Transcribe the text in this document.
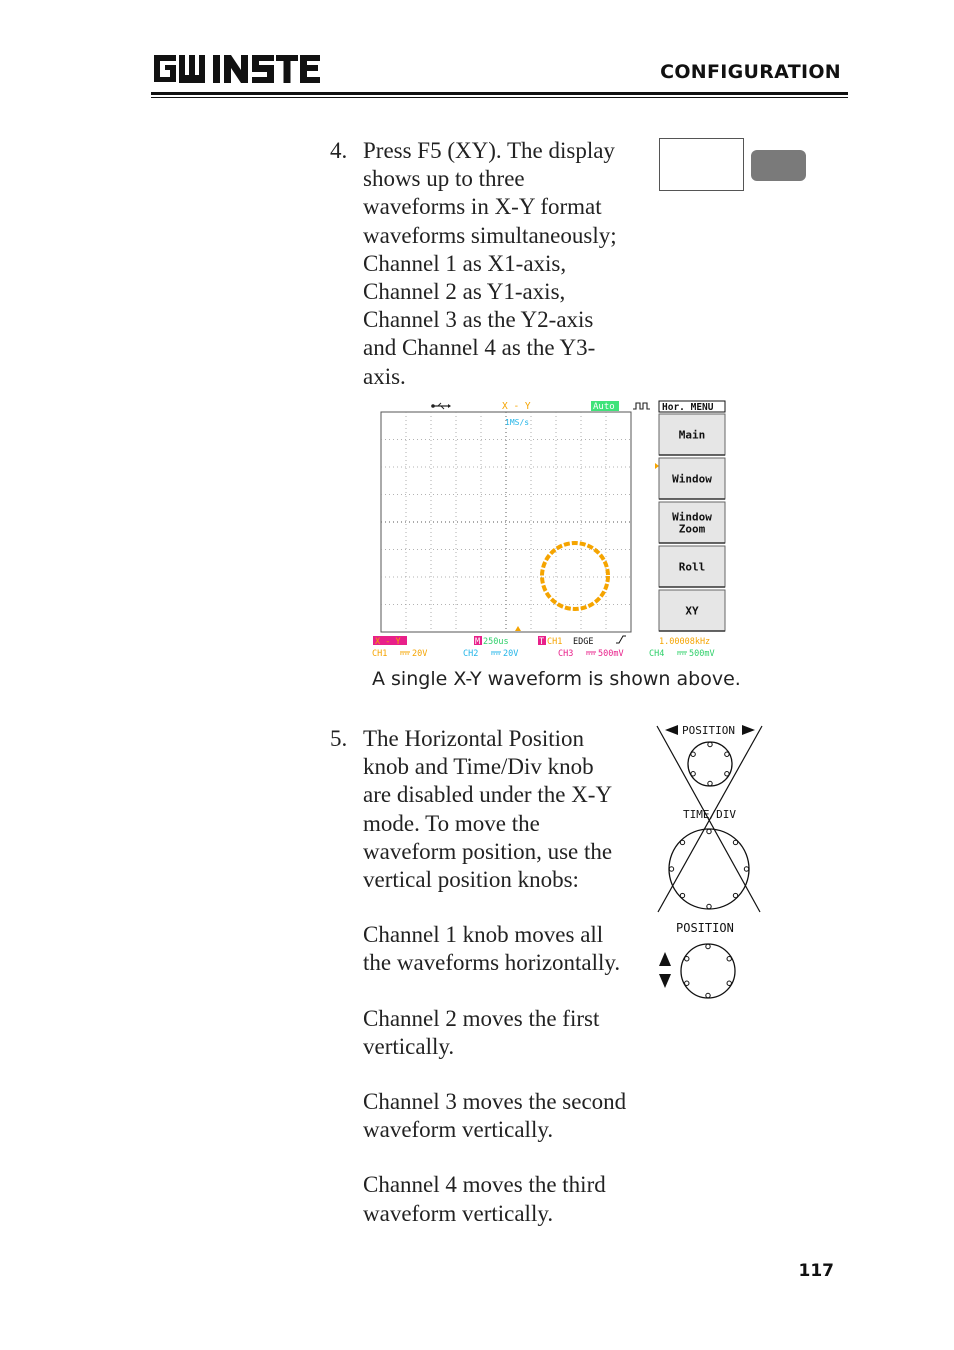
CONFIGURATION
4. Press F5 (XY). The display
shows up to three
waveforms in X-Y format
waveforms simultaneously;
Channel 1 as X1-axis,
Channel 2 as Y1-axis,
Channel 3 as the Y2-axis
and Channel 4 as the Y3-
axis.
X - Y	Auto	Hor. MENU
1MS/s
Main
Window
Window
Zoom
Roll
XY
X - Y	M 250us	T CH1 EDGE	1.00008kHz
CH1	20V	CH2	20V	CH3	500mV	CH4	500mV
A single X-Y waveform is shown above.
5. The Horizontal Position
knob and Time/Div knob
are disabled under the X-Y
mode. To move the
waveform position, use the
vertical position knobs:
Channel 1 knob moves all
the waveforms horizontally.
Channel 2 moves the first
vertically.
Channel 3 moves the second
waveform vertically.
Channel 4 moves the third
waveform vertically.
POSITION
TIME/DIV
POSITION
117
